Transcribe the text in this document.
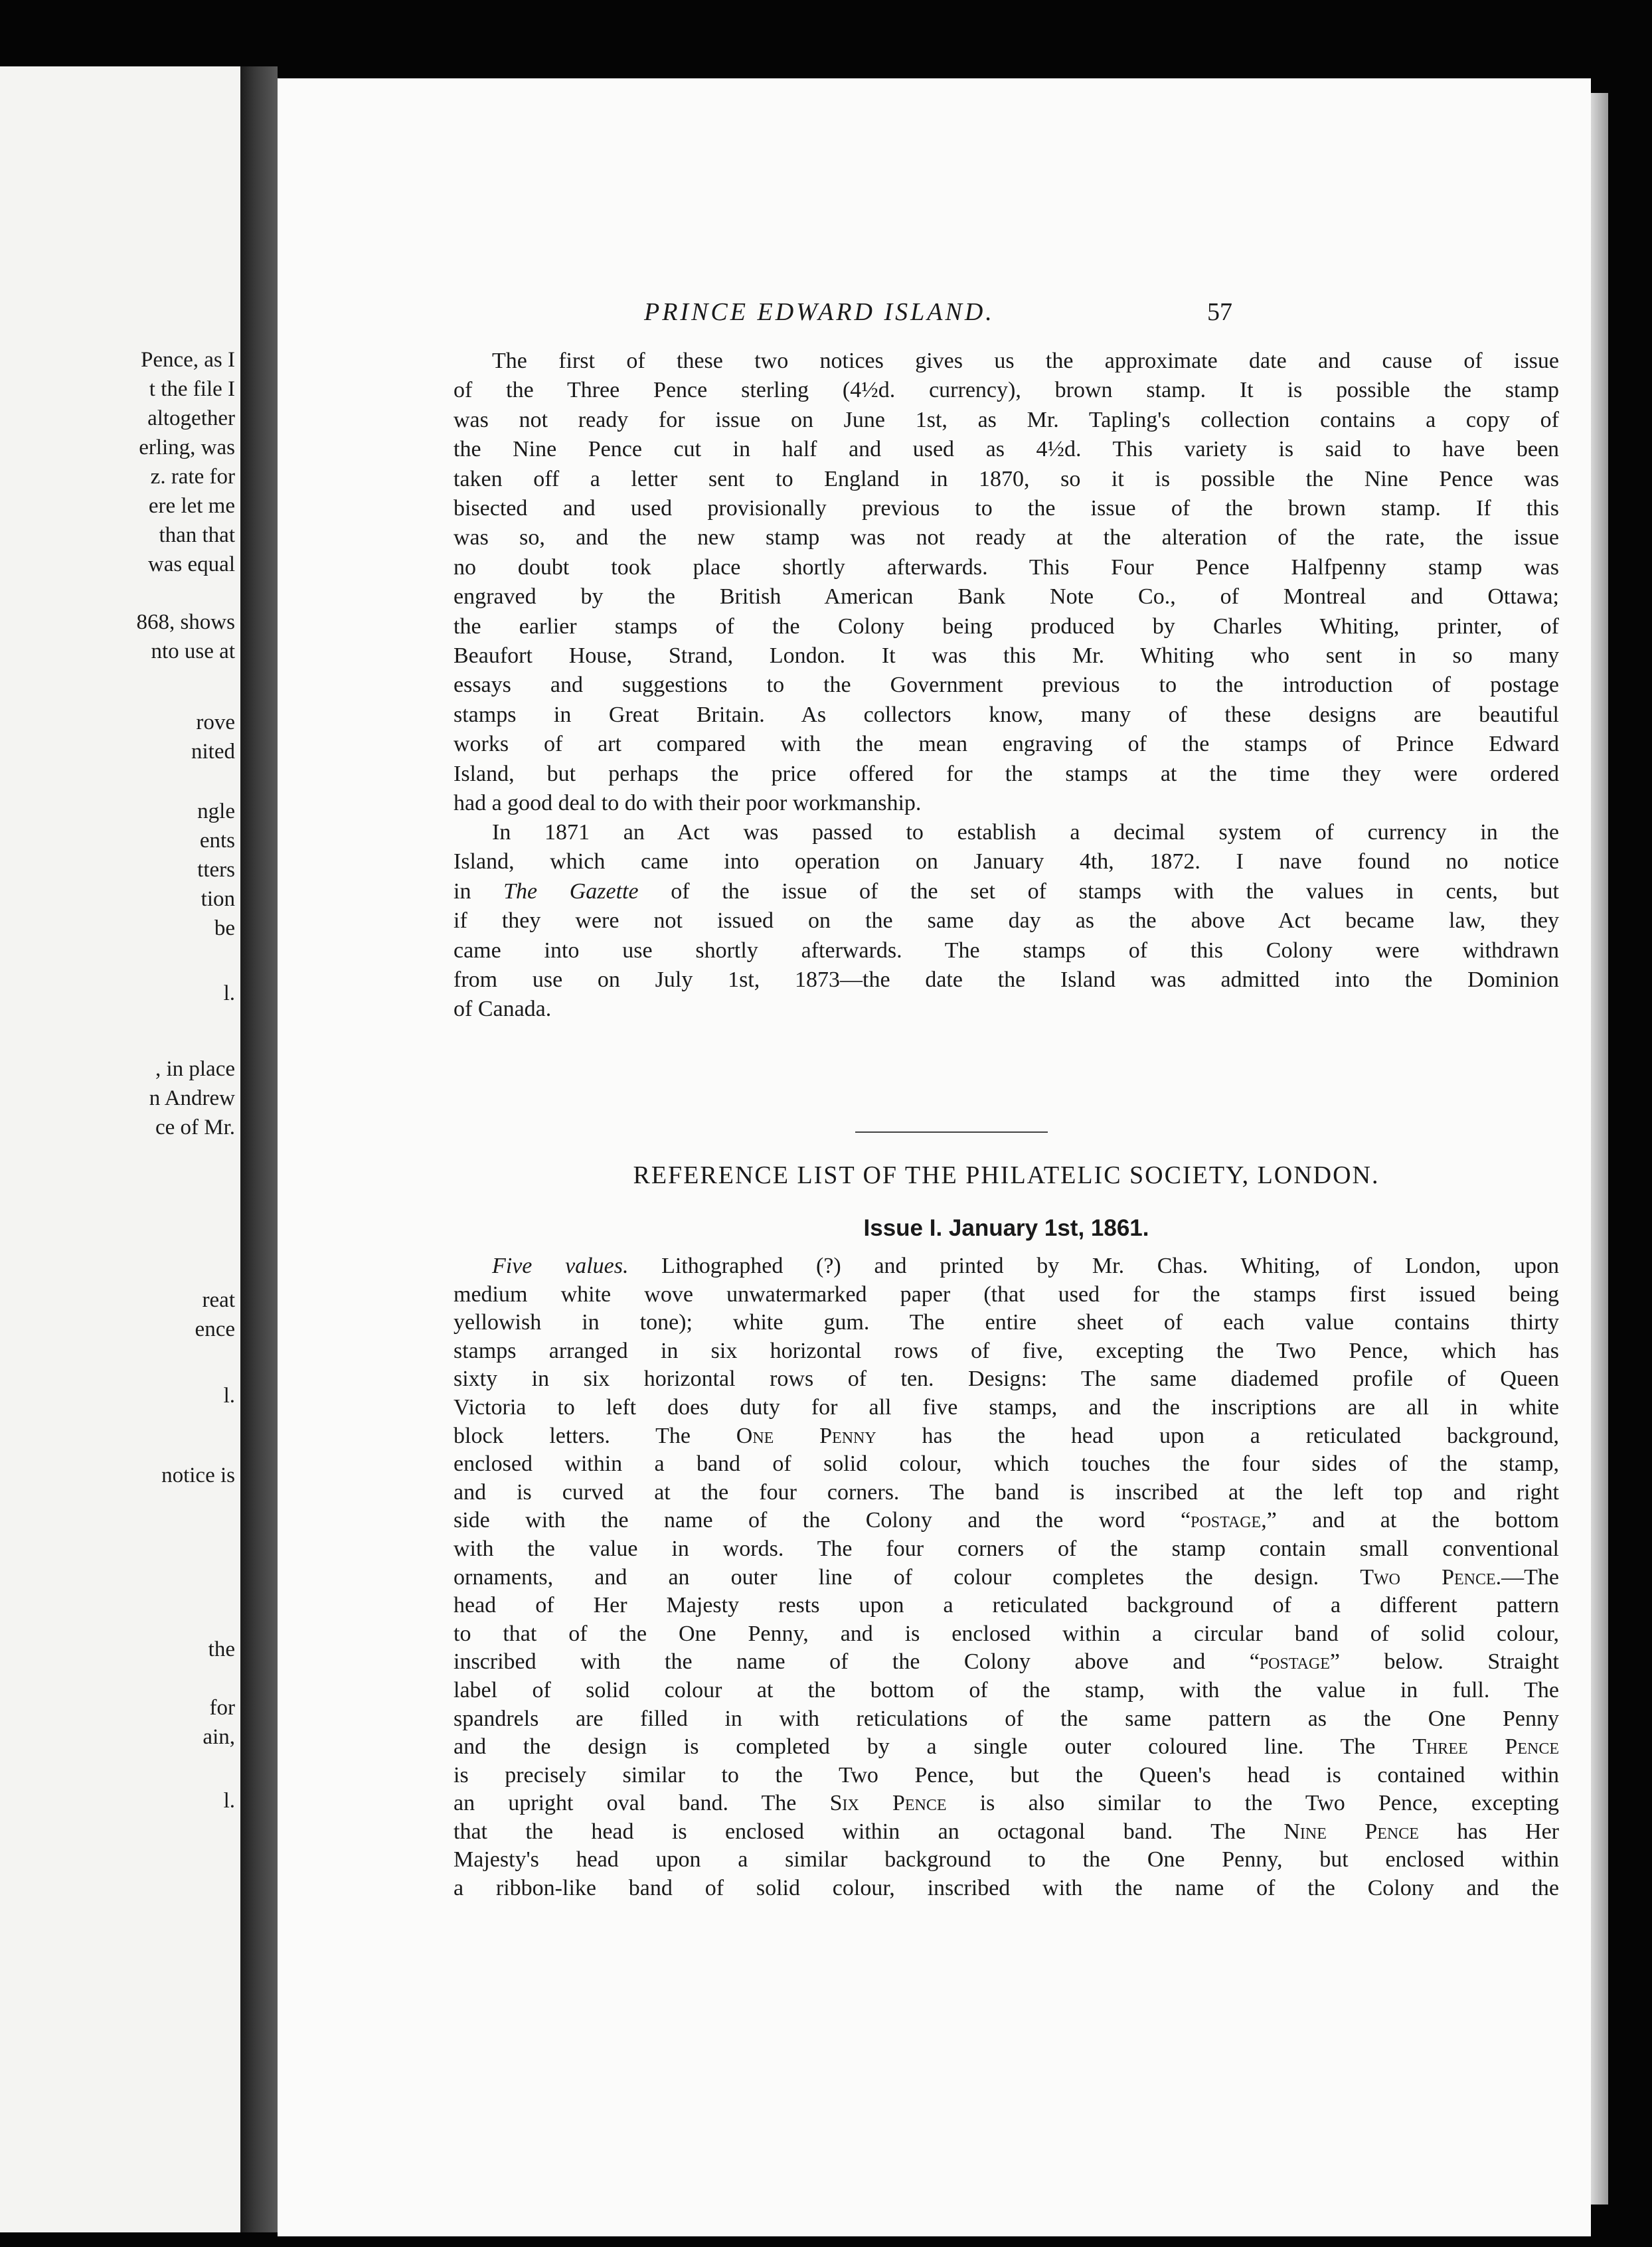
Pence, as I
t the file I
altogether
erling, was
z. rate for
ere let me
than that
was equal
868, shows
nto use at
rove
nited
ngle
ents
tters
tion
be
l.
, in place
n Andrew
ce of Mr.
reat
ence
l.
notice is
the
for
ain,
l.
PRINCE EDWARD ISLAND.	57
The first of these two notices gives us the approximate date and cause of issue
of the Three Pence sterling (4½d. currency), brown stamp. It is possible the stamp
was not ready for issue on June 1st, as Mr. Tapling's collection contains a copy of
the Nine Pence cut in half and used as 4½d. This variety is said to have been
taken off a letter sent to England in 1870, so it is possible the Nine Pence was
bisected and used provisionally previous to the issue of the brown stamp. If this
was so, and the new stamp was not ready at the alteration of the rate, the issue
no doubt took place shortly afterwards. This Four Pence Halfpenny stamp was
engraved by the British American Bank Note Co., of Montreal and Ottawa;
the earlier stamps of the Colony being produced by Charles Whiting, printer, of
Beaufort House, Strand, London. It was this Mr. Whiting who sent in so many
essays and suggestions to the Government previous to the introduction of postage
stamps in Great Britain. As collectors know, many of these designs are beautiful
works of art compared with the mean engraving of the stamps of Prince Edward
Island, but perhaps the price offered for the stamps at the time they were ordered
had a good deal to do with their poor workmanship.
In 1871 an Act was passed to establish a decimal system of currency in the
Island, which came into operation on January 4th, 1872. I nave found no notice
in The Gazette of the issue of the set of stamps with the values in cents, but
if they were not issued on the same day as the above Act became law, they
came into use shortly afterwards. The stamps of this Colony were withdrawn
from use on July 1st, 1873—the date the Island was admitted into the Dominion
of Canada.
REFERENCE LIST OF THE PHILATELIC SOCIETY, LONDON.
Issue I. January 1st, 1861.
Five values. Lithographed (?) and printed by Mr. Chas. Whiting, of London, upon
medium white wove unwatermarked paper (that used for the stamps first issued being
yellowish in tone); white gum. The entire sheet of each value contains thirty
stamps arranged in six horizontal rows of five, excepting the Two Pence, which has
sixty in six horizontal rows of ten. Designs: The same diademed profile of Queen
Victoria to left does duty for all five stamps, and the inscriptions are all in white
block letters. The One Penny has the head upon a reticulated background,
enclosed within a band of solid colour, which touches the four sides of the stamp,
and is curved at the four corners. The band is inscribed at the left top and right
side with the name of the Colony and the word “postage,” and at the bottom
with the value in words. The four corners of the stamp contain small conventional
ornaments, and an outer line of colour completes the design. Two Pence.—The
head of Her Majesty rests upon a reticulated background of a different pattern
to that of the One Penny, and is enclosed within a circular band of solid colour,
inscribed with the name of the Colony above and “postage” below. Straight
label of solid colour at the bottom of the stamp, with the value in full. The
spandrels are filled in with reticulations of the same pattern as the One Penny
and the design is completed by a single outer coloured line. The Three Pence
is precisely similar to the Two Pence, but the Queen's head is contained within
an upright oval band. The Six Pence is also similar to the Two Pence, excepting
that the head is enclosed within an octagonal band. The Nine Pence has Her
Majesty's head upon a similar background to the One Penny, but enclosed within
a ribbon-like band of solid colour, inscribed with the name of the Colony and the
